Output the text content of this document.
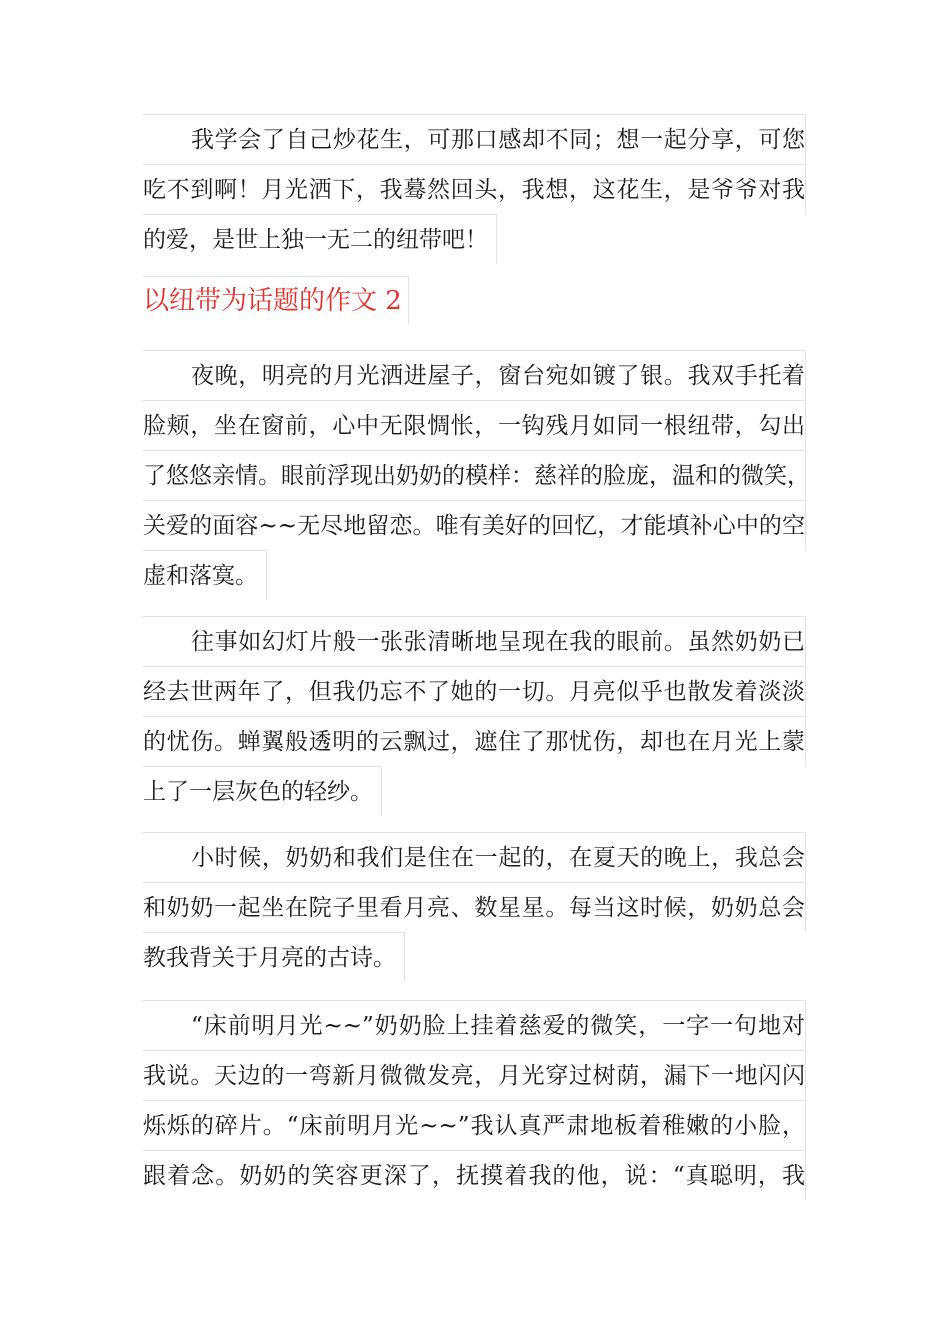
我学会了自己炒花生，可那口感却不同；想一起分享，可您
吃不到啊！月光洒下，我蓦然回头，我想，这花生，是爷爷对我
的爱，是世上独一无二的纽带吧！
以纽带为话题的作文 2
夜晚，明亮的月光洒进屋子，窗台宛如镀了银。我双手托着
脸颊，坐在窗前，心中无限惆怅，一钩残月如同一根纽带，勾出
了悠悠亲情。眼前浮现出奶奶的模样：慈祥的脸庞，温和的微笑，
关爱的面容~~无尽地留恋。唯有美好的回忆，才能填补心中的空
虚和落寞。
往事如幻灯片般一张张清晰地呈现在我的眼前。虽然奶奶已
经去世两年了，但我仍忘不了她的一切。月亮似乎也散发着淡淡
的忧伤。蝉翼般透明的云飘过，遮住了那忧伤，却也在月光上蒙
上了一层灰色的轻纱。
小时候，奶奶和我们是住在一起的，在夏天的晚上，我总会
和奶奶一起坐在院子里看月亮、数星星。每当这时候，奶奶总会
教我背关于月亮的古诗。
“床前明月光~~”奶奶脸上挂着慈爱的微笑，一字一句地对
我说。天边的一弯新月微微发亮，月光穿过树荫，漏下一地闪闪
烁烁的碎片。“床前明月光~~”我认真严肃地板着稚嫩的小脸，
跟着念。奶奶的笑容更深了，抚摸着我的他，说：“真聪明，我
